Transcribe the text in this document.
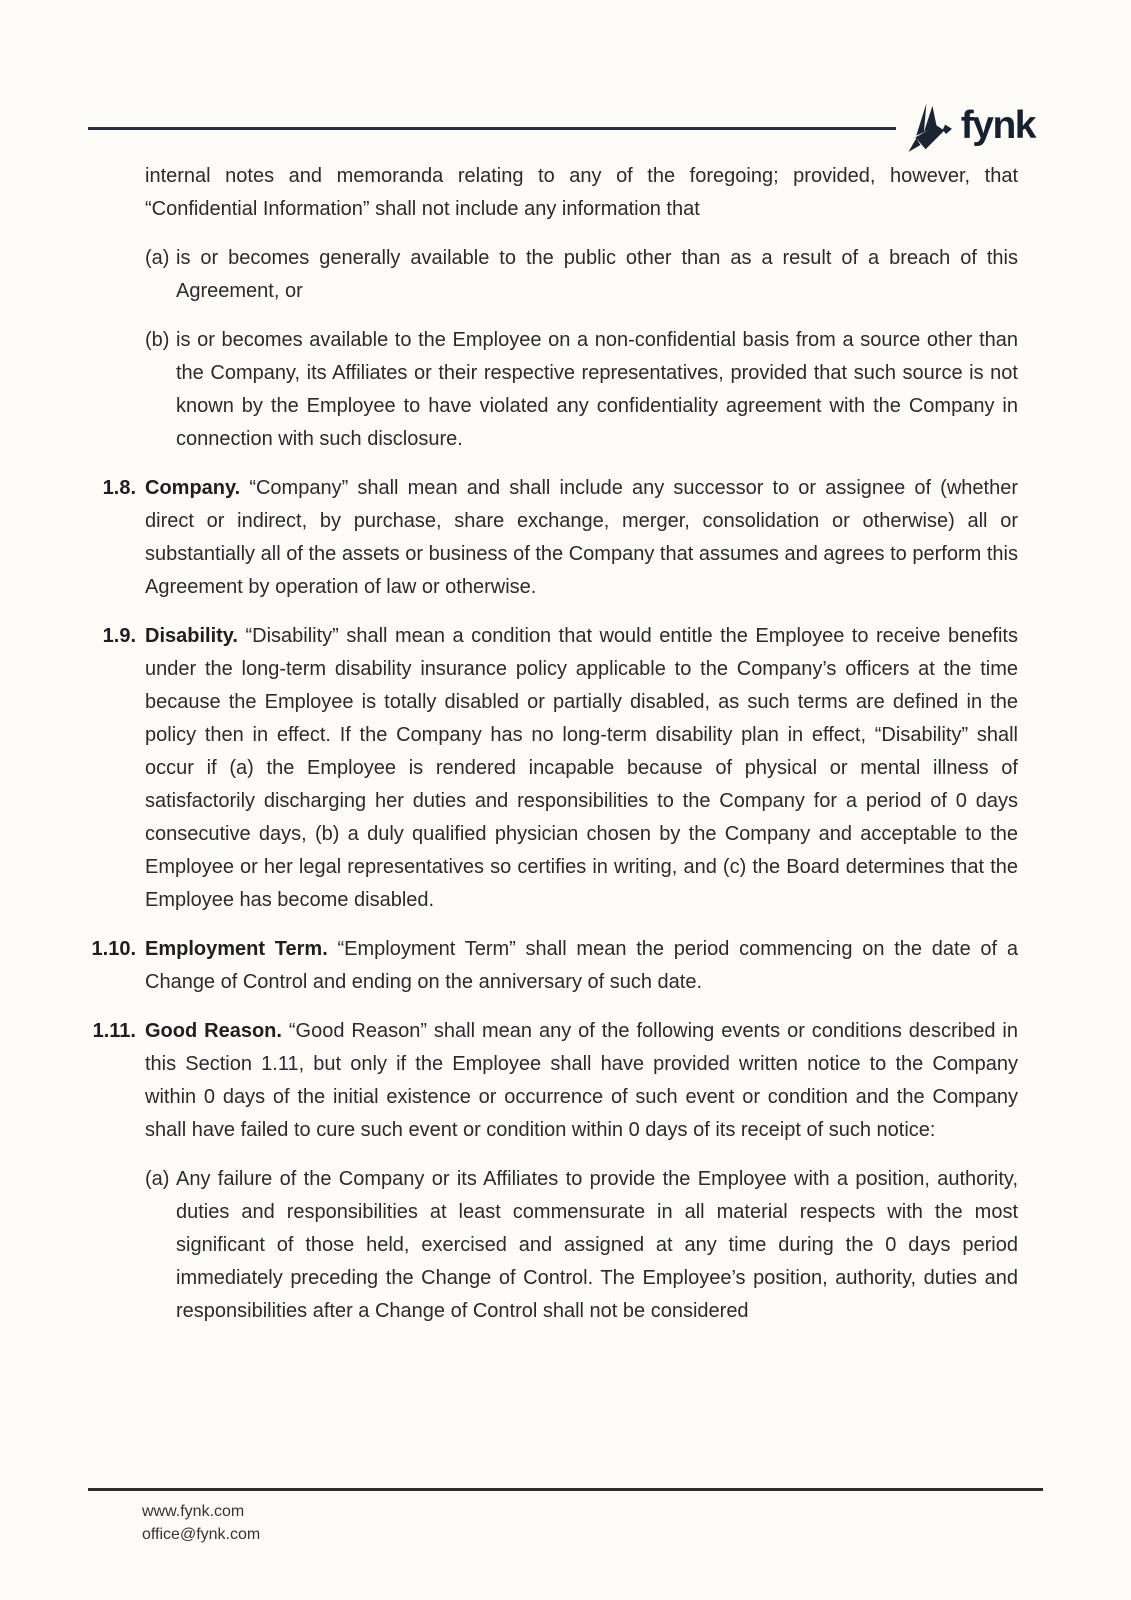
fynk

internal notes and memoranda relating to any of the foregoing; provided, however, that “Confidential Information” shall not include any information that

(a) is or becomes generally available to the public other than as a result of a breach of this Agreement, or
(b) is or becomes available to the Employee on a non-confidential basis from a source other than the Company, its Affiliates or their respective representatives, provided that such source is not known by the Employee to have violated any confidentiality agreement with the Company in connection with such disclosure.
1.8. Company. “Company” shall mean and shall include any successor to or assignee of (whether direct or indirect, by purchase, share exchange, merger, consolidation or otherwise) all or substantially all of the assets or business of the Company that assumes and agrees to perform this Agreement by operation of law or otherwise.
1.9. Disability. “Disability” shall mean a condition that would entitle the Employee to receive benefits under the long-term disability insurance policy applicable to the Company’s officers at the time because the Employee is totally disabled or partially disabled, as such terms are defined in the policy then in effect. If the Company has no long-term disability plan in effect, “Disability” shall occur if (a) the Employee is rendered incapable because of physical or mental illness of satisfactorily discharging her duties and responsibilities to the Company for a period of 0 days consecutive days, (b) a duly qualified physician chosen by the Company and acceptable to the Employee or her legal representatives so certifies in writing, and (c) the Board determines that the Employee has become disabled.
1.10. Employment Term. “Employment Term” shall mean the period commencing on the date of a Change of Control and ending on the anniversary of such date.
1.11. Good Reason. “Good Reason” shall mean any of the following events or conditions described in this Section 1.11, but only if the Employee shall have provided written notice to the Company within 0 days of the initial existence or occurrence of such event or condition and the Company shall have failed to cure such event or condition within 0 days of its receipt of such notice:
(a) Any failure of the Company or its Affiliates to provide the Employee with a position, authority, duties and responsibilities at least commensurate in all material respects with the most significant of those held, exercised and assigned at any time during the 0 days period immediately preceding the Change of Control. The Employee’s position, authority, duties and responsibilities after a Change of Control shall not be considered
www.fynk.com
office@fynk.com
